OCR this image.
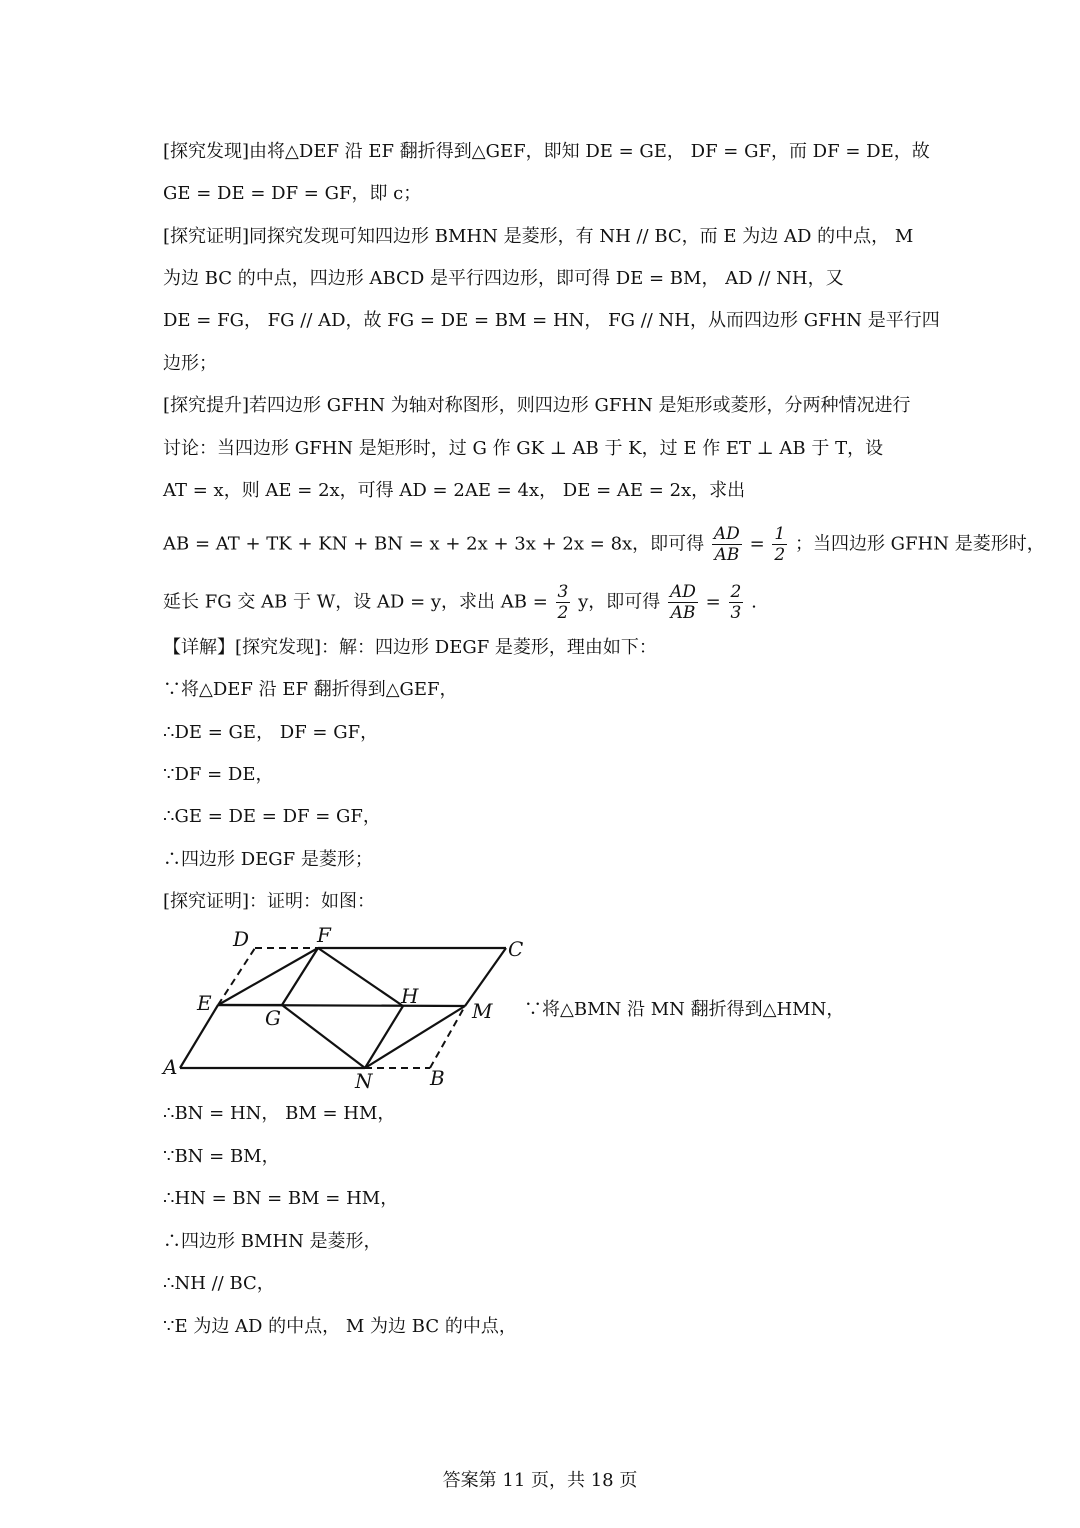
[探究发现]由将△DEF 沿 EF 翻折得到△GEF，即知 DE = GE， DF = GF，而 DF = DE，故
GE = DE = DF = GF，即 c；
[探究证明]同探究发现可知四边形 BMHN 是菱形，有 NH // BC，而 E 为边 AD 的中点， M
为边 BC 的中点，四边形 ABCD 是平行四边形，即可得 DE = BM， AD // NH，又
DE = FG， FG // AD，故 FG = DE = BM = HN， FG // NH，从而四边形 GFHN 是平行四
边形；
[探究提升]若四边形 GFHN 为轴对称图形，则四边形 GFHN 是矩形或菱形，分两种情况进行
讨论：当四边形 GFHN 是矩形时，过 G 作 GK ⊥ AB 于 K，过 E 作 ET ⊥ AB 于 T，设
AT = x，则 AE = 2x，可得 AD = 2AE = 4x， DE = AE = 2x，求出
AB = AT + TK + KN + BN = x + 2x + 3x + 2x = 8x，即可得 $\frac{AD}{AB} = \frac{1}{2}$ ；当四边形 GFHN 是菱形时，
延长 FG 交 AB 于 W，设 AD = y，求出 AB = $\frac{3}{2}$ y，即可得 $\frac{AD}{AB} = \frac{2}{3}$ .
【详解】[探究发现]：解：四边形 DEGF 是菱形，理由如下：
∵将△DEF 沿 EF 翻折得到△GEF，
∴DE = GE， DF = GF，
∵DF = DE，
∴GE = DE = DF = GF，
∴四边形 DEGF 是菱形；
[探究证明]：证明：如图：
D	F
C
E
G
H
M
A
N	B
∵将△BMN 沿 MN 翻折得到△HMN，
∴BN = HN， BM = HM，
∵BN = BM，
∴HN = BN = BM = HM，
∴四边形 BMHN 是菱形，
∴NH // BC，
∵E 为边 AD 的中点， M 为边 BC 的中点，
答案第 11 页，共 18 页
